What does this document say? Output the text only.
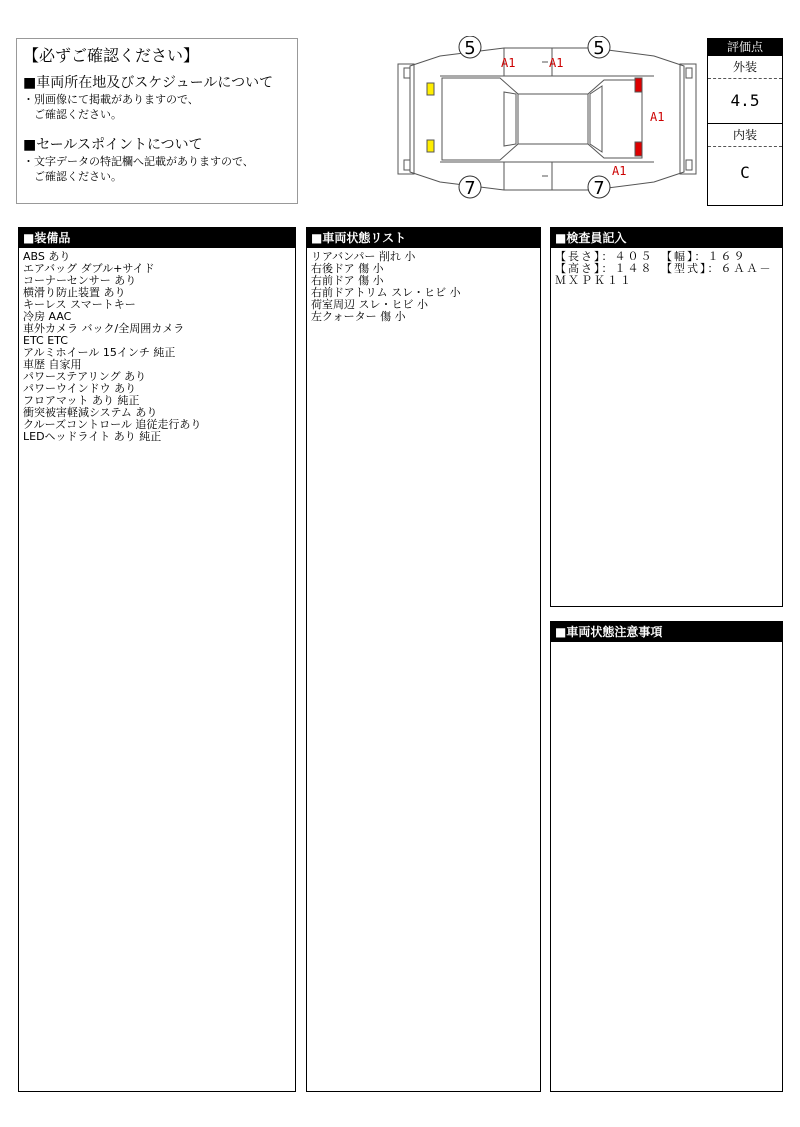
【必ずご確認ください】

■車両所在地及びスケジュールについて

・別画像にて掲載がありますので、

　ご確認ください。

■セールスポイントについて

・文字データの特記欄へ記載がありますので、

　ご確認ください。

5	5
7	7
A1	A1
A1
A1
評価点
外装
4.5
内装
C
■装備品
ABS あり
エアバッグ ダブル+サイド
コーナーセンサー あり
横滑り防止装置 あり
キーレス スマートキー
冷房 AAC
車外カメラ バック/全周囲カメラ
ETC ETC
アルミホイール 15インチ 純正
車歴 自家用
パワーステアリング あり
パワーウインドウ あり
フロアマット あり 純正
衝突被害軽減システム あり
クルーズコントロール 追従走行あり
LEDヘッドライト あり 純正
■車両状態リスト
リアバンパー 削れ 小
右後ドア 傷 小
右前ドア 傷 小
右前ドアトリム スレ・ヒビ 小
荷室周辺 スレ・ヒビ 小
左クォーター 傷 小
■検査員記入
【長さ】：４０５　【幅】：１６９　【高さ】：１４８　【型式】：６ＡＡ－ＭＸＰＫ１１
■車両状態注意事項
